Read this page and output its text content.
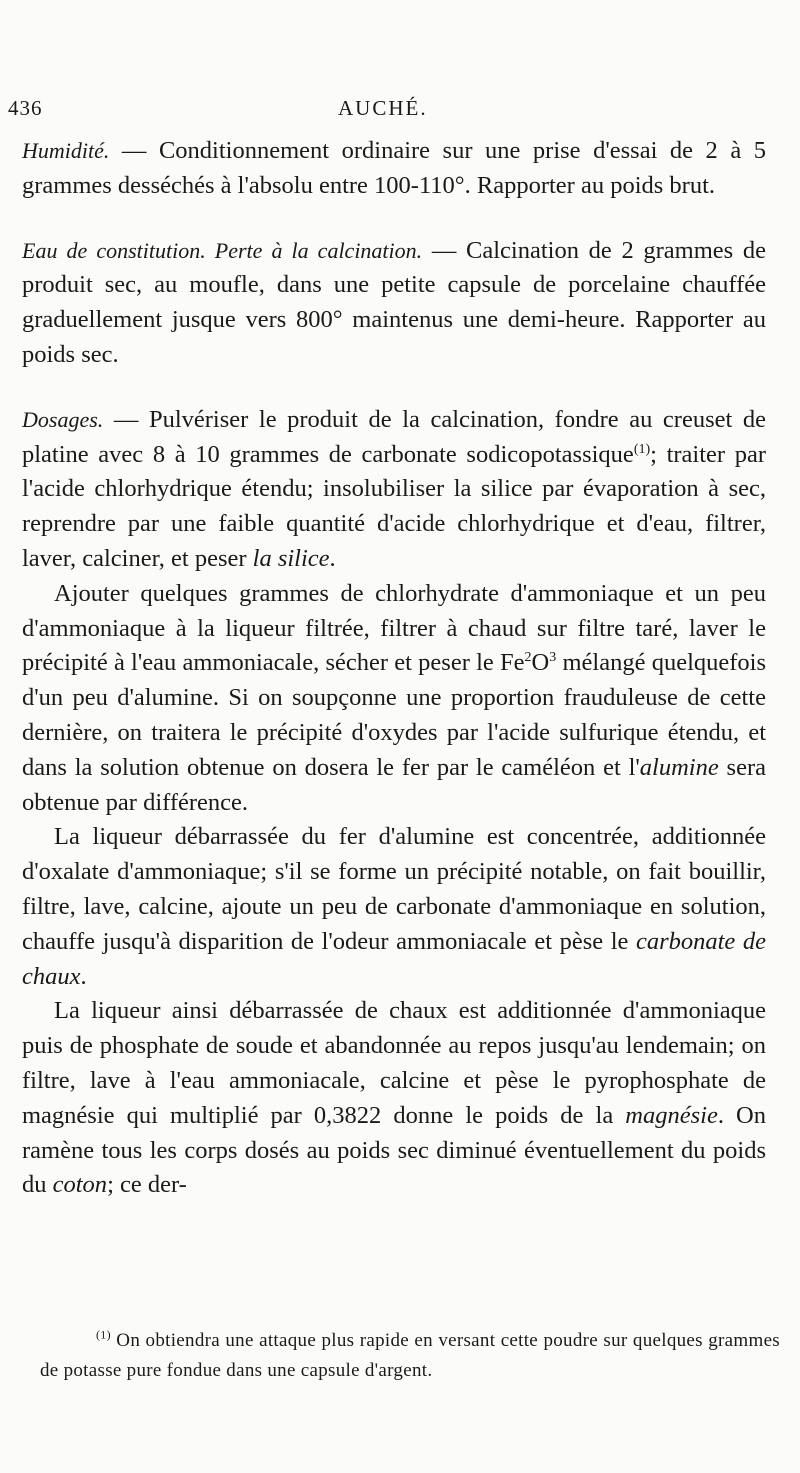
436	AUCHÉ.

Humidité. — Conditionnement ordinaire sur une prise d'essai de 2 à 5 grammes desséchés à l'absolu entre 100-110°. Rapporter au poids brut.

Eau de constitution. Perte à la calcination. — Calcination de 2 grammes de produit sec, au moufle, dans une petite capsule de porcelaine chauffée graduellement jusque vers 800° maintenus une demi-heure. Rapporter au poids sec.

Dosages. — Pulvériser le produit de la calcination, fondre au creuset de platine avec 8 à 10 grammes de carbonate sodicopotassique$^{(1)}$; traiter par l'acide chlorhydrique étendu; insolubiliser la silice par évaporation à sec, reprendre par une faible quantité d'acide chlorhydrique et d'eau, filtrer, laver, calciner, et peser la silice.

Ajouter quelques grammes de chlorhydrate d'ammoniaque et un peu d'ammoniaque à la liqueur filtrée, filtrer à chaud sur filtre taré, laver le précipité à l'eau ammoniacale, sécher et peser le $Fe^2O^3$ mélangé quelquefois d'un peu d'alumine. Si on soupçonne une proportion frauduleuse de cette dernière, on traitera le précipité d'oxydes par l'acide sulfurique étendu, et dans la solution obtenue on dosera le fer par le caméléon et l'alumine sera obtenue par différence.

La liqueur débarrassée du fer d'alumine est concentrée, additionnée d'oxalate d'ammoniaque; s'il se forme un précipité notable, on fait bouillir, filtre, lave, calcine, ajoute un peu de carbonate d'ammoniaque en solution, chauffe jusqu'à disparition de l'odeur ammoniacale et pèse le carbonate de chaux.

La liqueur ainsi débarrassée de chaux est additionnée d'ammoniaque puis de phosphate de soude et abandonnée au repos jusqu'au lendemain; on filtre, lave à l'eau ammoniacale, calcine et pèse le pyrophosphate de magnésie qui multiplié par 0,3822 donne le poids de la magnésie. On ramène tous les corps dosés au poids sec diminué éventuellement du poids du coton; ce der-

$^{(1)}$ On obtiendra une attaque plus rapide en versant cette poudre sur quelques grammes de potasse pure fondue dans une capsule d'argent.
